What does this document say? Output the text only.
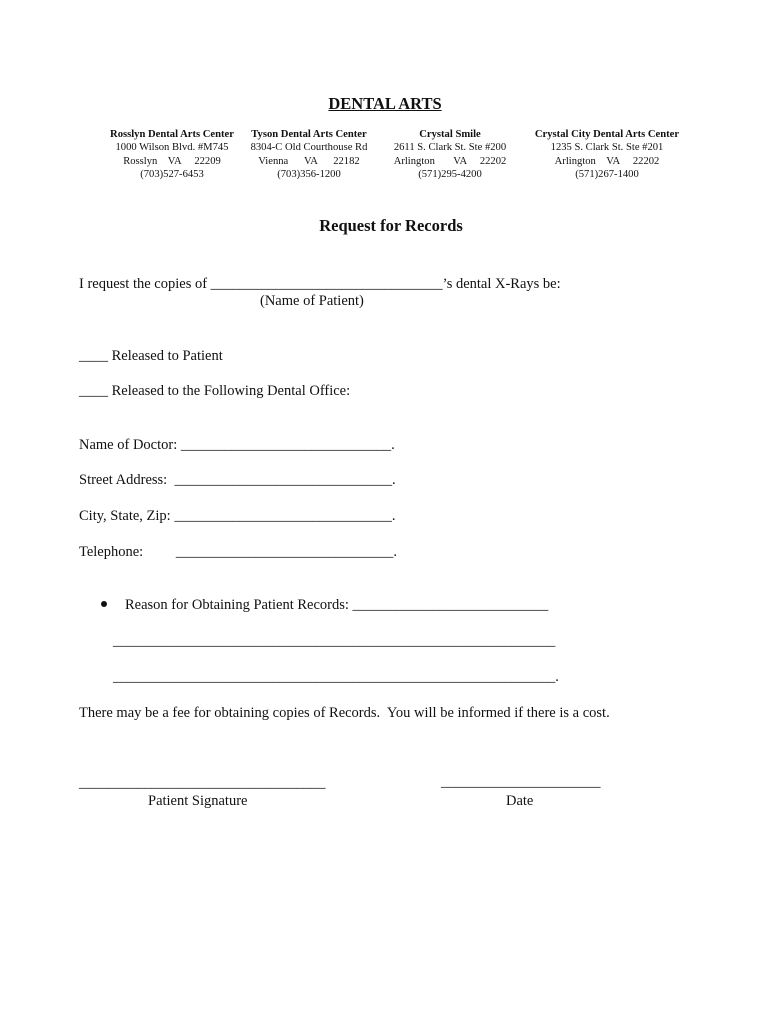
DENTAL ARTS
Rosslyn Dental Arts Center
1000 Wilson Blvd. #M745
Rosslyn    VA     22209
(703)527-6453
Tyson Dental Arts Center
8304-C Old Courthouse Rd
Vienna      VA      22182
(703)356-1200
Crystal Smile
2611 S. Clark St. Ste #200
Arlington       VA     22202
(571)295-4200
Crystal City Dental Arts Center
1235 S. Clark St. Ste #201
Arlington    VA     22202
(571)267-1400
Request for Records
I request the copies of ________________________________’s dental X-Rays be:
(Name of Patient)
____ Released to Patient
____ Released to the Following Dental Office:
Name of Doctor: _____________________________.
Street Address:  ______________________________.
City, State, Zip: ______________________________.
Telephone:         ______________________________.
Reason for Obtaining Patient Records: ___________________________
_____________________________________________________________
_____________________________________________________________.
There may be a fee for obtaining copies of Records.  You will be informed if there is a cost.
__________________________________
Patient Signature
______________________
Date
